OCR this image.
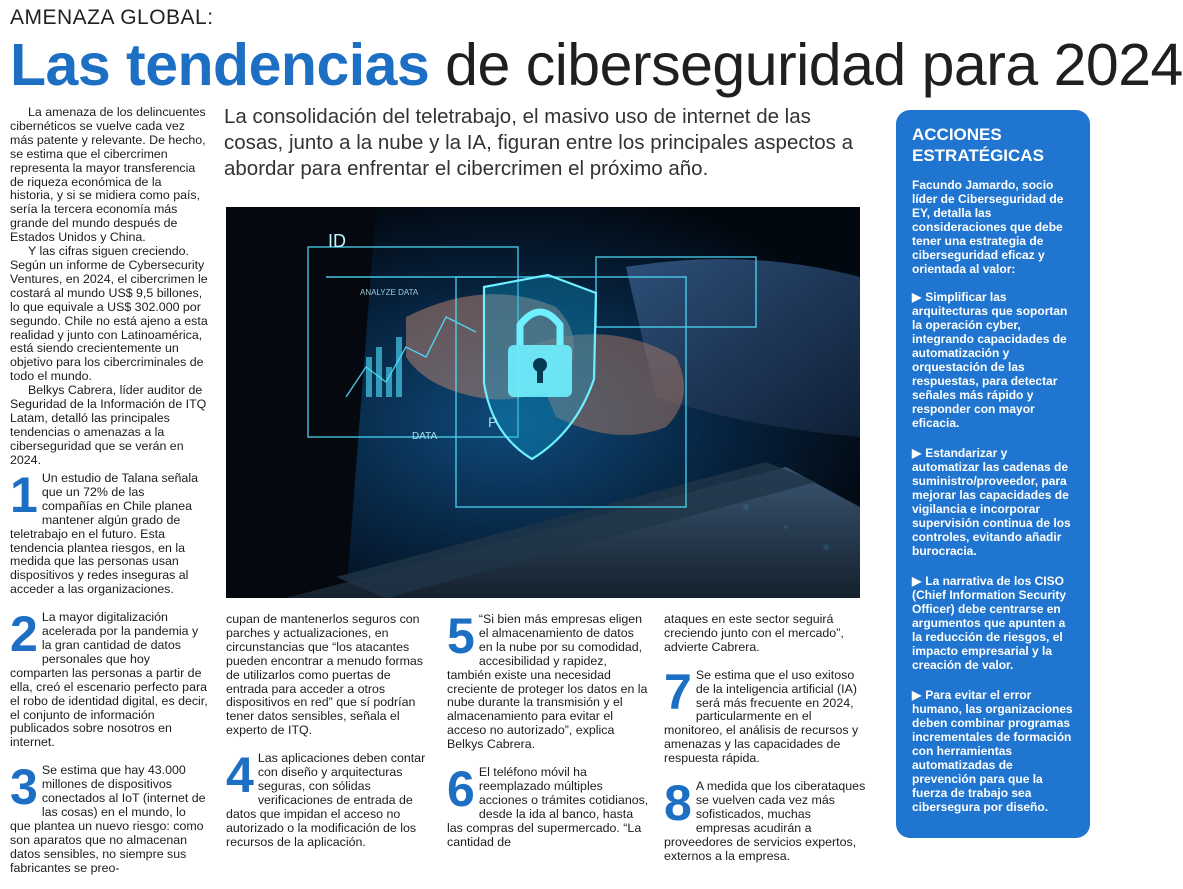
AMENAZA GLOBAL:
Las tendencias de ciberseguridad para 2024

La amenaza de los delincuentes cibernéticos se vuelve cada vez más patente y relevante. De hecho, se estima que el cibercrimen representa la mayor transferencia de riqueza económica de la historia, y si se midiera como país, sería la tercera economía más grande del mundo después de Estados Unidos y China.

Y las cifras siguen creciendo. Según un informe de Cybersecurity Ventures, en 2024, el cibercrimen le costará al mundo US$ 9,5 billones, lo que equivale a US$ 302.000 por segundo. Chile no está ajeno a esta realidad y junto con Latinoamérica, está siendo crecientemente un objetivo para los cibercriminales de todo el mundo.

Belkys Cabrera, líder auditor de Seguridad de la Información de ITQ Latam, detalló las principales tendencias o amenazas a la ciberseguridad que se verán en 2024.

1 Un estudio de Talana señala que un 72% de las compañías en Chile planea mantener algún grado de teletrabajo en el futuro. Esta tendencia plantea riesgos, en la medida que las personas usan dispositivos y redes inseguras al acceder a las organizaciones.
2 La mayor digitalización acelerada por la pandemia y la gran cantidad de datos personales que hoy comparten las personas a partir de ella, creó el escenario perfecto para el robo de identidad digital, es decir, el conjunto de información publicados sobre nosotros en internet.
3 Se estima que hay 43.000 millones de dispositivos conectados al IoT (internet de las cosas) en el mundo, lo que plantea un nuevo riesgo: como son aparatos que no almacenan datos sensibles, no siempre sus fabricantes se preo-
La consolidación del teletrabajo, el masivo uso de internet de las cosas, junto a la nube y la IA, figuran entre los principales aspectos a abordar para enfrentar el cibercrimen el próximo año.
ID
ANALYZE DATA
DATA
P
cupan de mantenerlos seguros con parches y actualizaciones, en circunstancias que “los atacantes pueden encontrar a menudo formas de utilizarlos como puertas de entrada para acceder a otros dispositivos en red” que sí podrían tener datos sensibles, señala el experto de ITQ.
4 Las aplicaciones deben contar con diseño y arquitecturas seguras, con sólidas verificaciones de entrada de datos que impidan el acceso no autorizado o la modificación de los recursos de la aplicación.
5 “Si bien más empresas eligen el almacenamiento de datos en la nube por su comodidad, accesibilidad y rapidez, también existe una necesidad creciente de proteger los datos en la nube durante la transmisión y el almacenamiento para evitar el acceso no autorizado”, explica Belkys Cabrera.
6 El teléfono móvil ha reemplazado múltiples acciones o trámites cotidianos, desde la ida al banco, hasta las compras del supermercado. “La cantidad de
ataques en este sector seguirá creciendo junto con el mercado”, advierte Cabrera.
7 Se estima que el uso exitoso de la inteligencia artificial (IA) será más frecuente en 2024, particularmente en el monitoreo, el análisis de recursos y amenazas y las capacidades de respuesta rápida.
8 A medida que los ciberataques se vuelven cada vez más sofisticados, muchas empresas acudirán a proveedores de servicios expertos, externos a la empresa.
ACCIONES ESTRATÉGICAS
Facundo Jamardo, socio líder de Ciberseguridad de EY, detalla las consideraciones que debe tener una estrategia de ciberseguridad eficaz y orientada al valor:
▶ Simplificar las arquitecturas que soportan la operación cyber, integrando capacidades de automatización y orquestación de las respuestas, para detectar señales más rápido y responder con mayor eficacia.
▶ Estandarizar y automatizar las cadenas de suministro/proveedor, para mejorar las capacidades de vigilancia e incorporar supervisión continua de los controles, evitando añadir burocracia.
▶ La narrativa de los CISO (Chief Information Security Officer) debe centrarse en argumentos que apunten a la reducción de riesgos, el impacto empresarial y la creación de valor.
▶ Para evitar el error humano, las organizaciones deben combinar programas incrementales de formación con herramientas automatizadas de prevención para que la fuerza de trabajo sea cibersegura por diseño.
